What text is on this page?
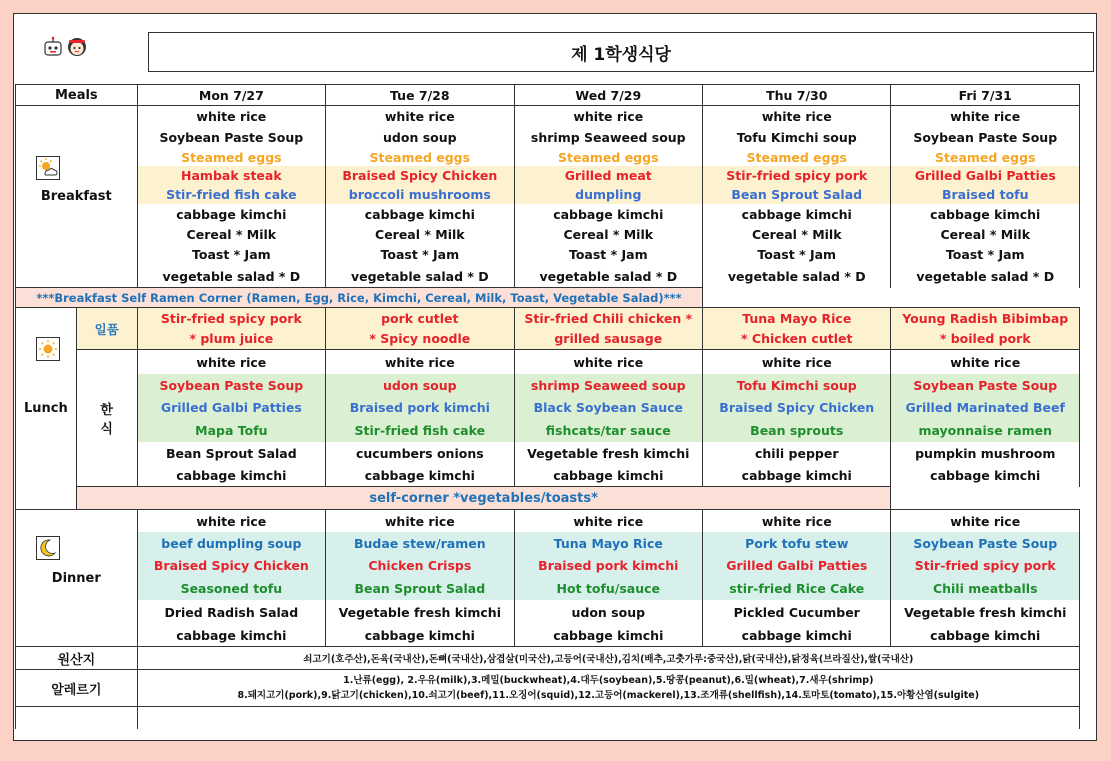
제 1학생식당
Meals		Mon 7/27	Tue 7/28	Wed 7/29	Thu 7/30	Fri 7/31
Breakfast		white rice	white rice	white rice	white rice	white rice
		Soybean Paste Soup	udon soup	shrimp Seaweed soup	Tofu Kimchi soup	Soybean Paste Soup
		Steamed eggs	Steamed eggs	Steamed eggs	Steamed eggs	Steamed eggs
		Hambak steak	Braised Spicy Chicken	Grilled meat	Stir-fried spicy pork	Grilled Galbi Patties
		Stir-fried fish cake	broccoli mushrooms	dumpling	Bean Sprout Salad	Braised tofu
		cabbage kimchi	cabbage kimchi	cabbage kimchi	cabbage kimchi	cabbage kimchi
		Cereal * Milk	Cereal * Milk	Cereal * Milk	Cereal * Milk	Cereal * Milk
		Toast * Jam	Toast * Jam	Toast * Jam	Toast * Jam	Toast * Jam
		vegetable salad * D	vegetable salad * D	vegetable salad * D	vegetable salad * D	vegetable salad * D
***Breakfast Self Ramen Corner (Ramen, Egg, Rice, Kimchi, Cereal, Milk, Toast, Vegetable Salad)***						
Lunch	일품	Stir-fried spicy pork	pork cutlet	Stir-fried Chili chicken *	Tuna Mayo Rice	Young Radish Bibimbap
		* plum juice	* Spicy noodle	grilled sausage	* Chicken cutlet	* boiled pork
	한
식	white rice	white rice	white rice	white rice	white rice
		Soybean Paste Soup	udon soup	shrimp Seaweed soup	Tofu Kimchi soup	Soybean Paste Soup
		Grilled Galbi Patties	Braised pork kimchi	Black Soybean Sauce	Braised Spicy Chicken	Grilled Marinated Beef
		Mapa Tofu	Stir-fried fish cake	fishcats/tar sauce	Bean sprouts	mayonnaise ramen
		Bean Sprout Salad	cucumbers onions	Vegetable fresh kimchi	chili pepper	pumpkin mushroom
		cabbage kimchi	cabbage kimchi	cabbage kimchi	cabbage kimchi	cabbage kimchi
	self-corner *vegetables/toasts*					
Dinner		white rice	white rice	white rice	white rice	white rice
		beef dumpling soup	Budae stew/ramen	Tuna Mayo Rice	Pork tofu stew	Soybean Paste Soup
		Braised Spicy Chicken	Chicken Crisps	Braised pork kimchi	Grilled Galbi Patties	Stir-fried spicy pork
		Seasoned tofu	Bean Sprout Salad	Hot tofu/sauce	stir-fried Rice Cake	Chili meatballs
		Dried Radish Salad	Vegetable fresh kimchi	udon soup	Pickled Cucumber	Vegetable fresh kimchi
		cabbage kimchi	cabbage kimchi	cabbage kimchi	cabbage kimchi	cabbage kimchi
원산지		쇠고기(호주산),돈육(국내산),돈뼈(국내산),삼겹살(미국산),고등어(국내산),김치(배추,고춧가루:중국산),닭(국내산),닭정육(브라질산),쌀(국내산)				
알레르기		1.난류(egg), 2.우유(milk),3.메밀(buckwheat),4.대두(soybean),5.땅콩(peanut),6.밀(wheat),7.새우(shrimp)
8.돼지고기(pork),9.닭고기(chicken),10.쇠고기(beef),11.오징어(squid),12.고등어(mackerel),13.조개류(shellfish),14.토마토(tomato),15.아황산염(sulgite)				
